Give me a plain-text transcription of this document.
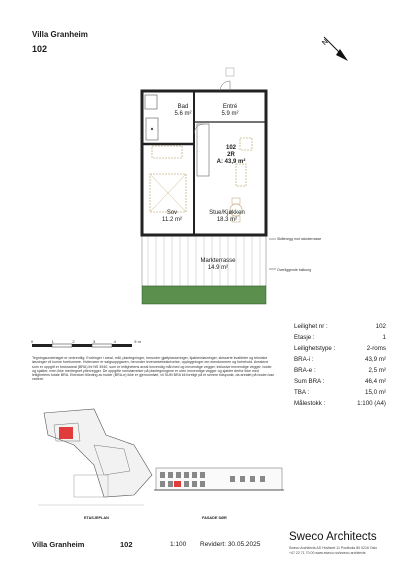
Villa Granheim
102
N
Bad
5.6 m²
Entré
5.9 m²
102
2R
A: 43,9 m²
Sov
11.2 m²
Stue/Kjøkken
18.3 m²
Markterrasse
14.9 m²
Skillevegg mot naboterrasse
Overliggende balkong
0	1	2	3	4	5 m
Tegningsunderlaget er omtrentlig. Endringer i areal, mål, plantegninger, herunder gjøltplasseringer, kjøkkenløsninger, skisserte kvaliteter og tekniske løsninger vil kunne forekomme. Hvitevarer er salgsoppgaven, herunder leveransebeskrivelse, oppbygninger om eiendommen og forbehold. Arealene som er oppgitt er bruksareal (BRA) iht NS 3940, som er leilighetens areal innvendig mål med og innvendige vegger, inklusive innvendige vegger, boder og sjakter, men ikke medregnet yttervegger. De oppgitte romstørrelser på plantegningene er uten innvendige vegger og sjakter derfor ikke med leilighetens totale BRA. Eiendom tilleding av boder (BRA-e) ikke er gjennomført, vil SUM BRA bli foreligt på et senere tidspunkt, da arealet på boden kan variere.
Leilighet nr :	102
Etasje :	1
Leilighetstype :	2-roms
BRA-i :	43,9 m²
BRA-e :	2,5 m²
Sum BRA :	46,4 m²
TBA :	15,0 m²
Målestokk :	1:100 (A4)
ETASJEPLAN	FASADE SØR
Villa Granheim	102	1:100 Revidert: 30.05.2025
Sweco Architects
Sweco Architects AS Hovfaret 11 Postboks 80 0216 Oslo
+47 22 71 70 00 www.sweco.no/sweco-architects
